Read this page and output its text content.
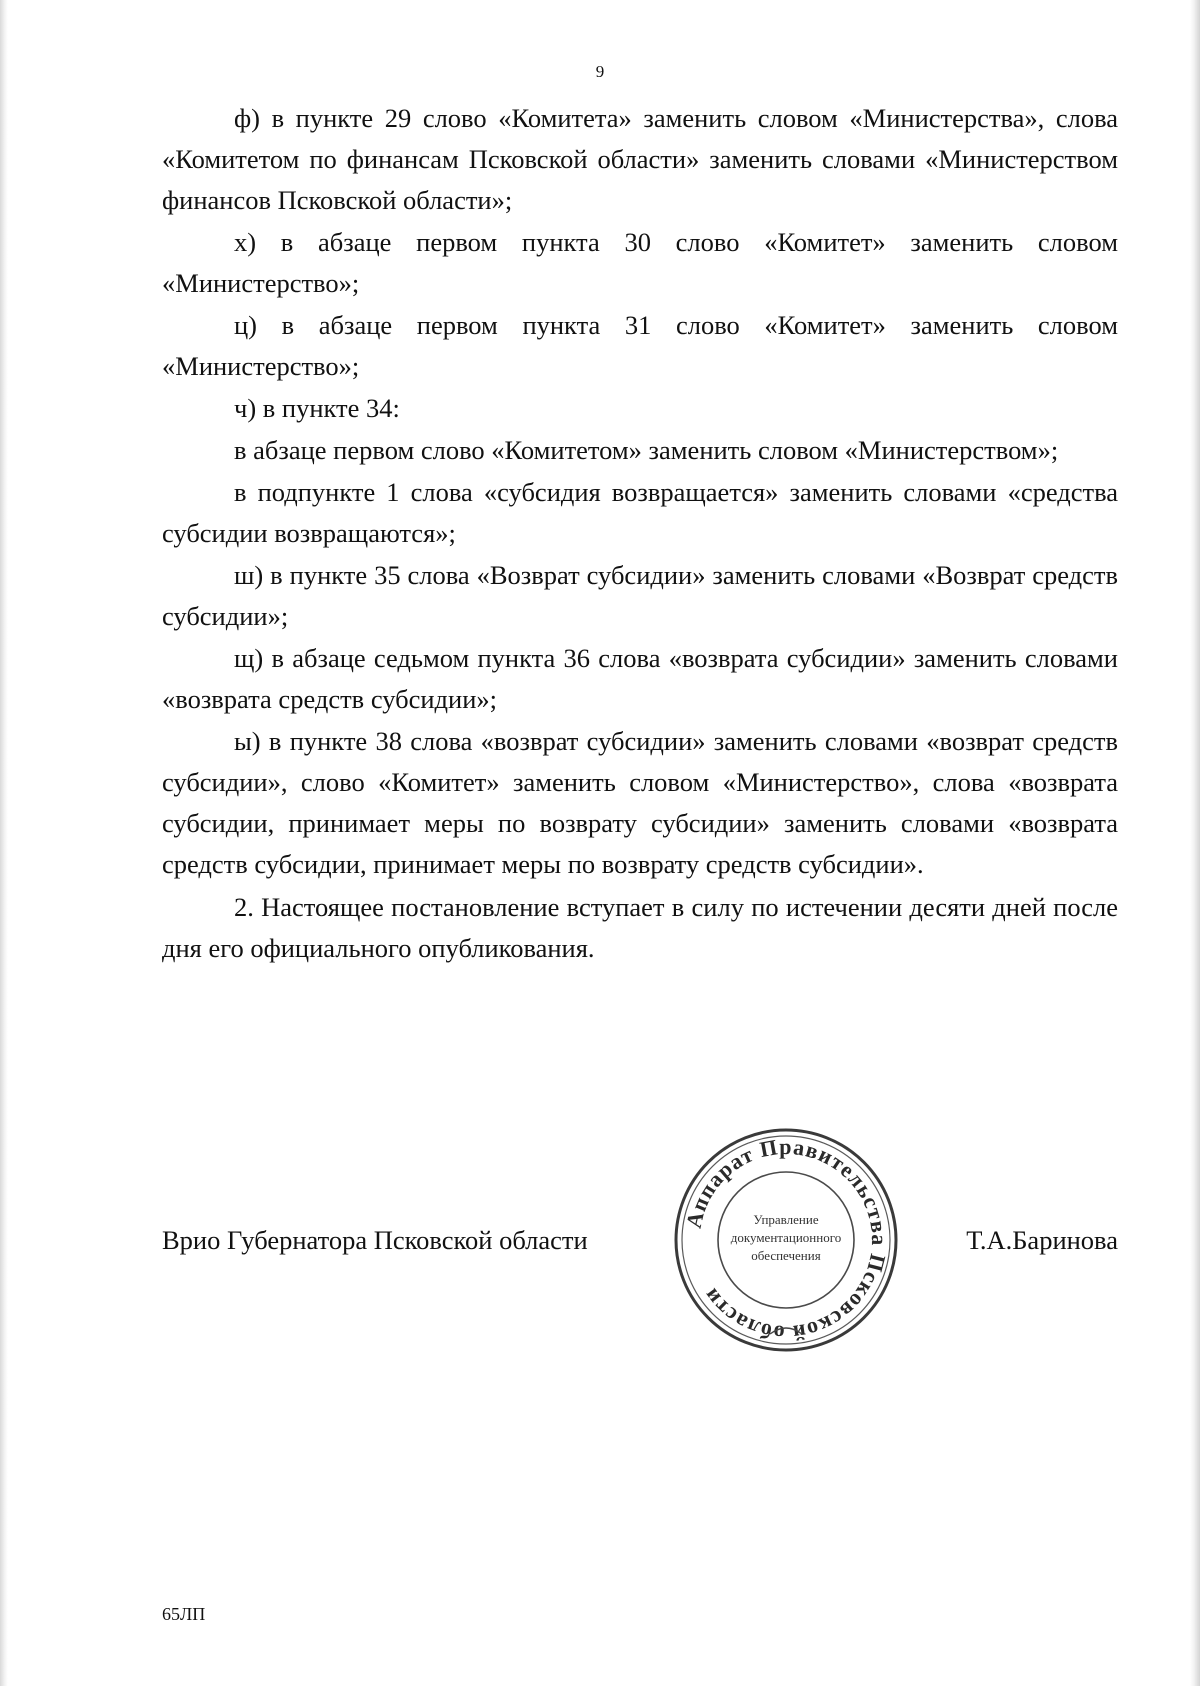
9

ф) в пункте 29 слово «Комитета» заменить словом «Министерства», слова «Комитетом по финансам Псковской области» заменить словами «Министерством финансов Псковской области»;

х) в абзаце первом пункта 30 слово «Комитет» заменить словом «Министерство»;

ц) в абзаце первом пункта 31 слово «Комитет» заменить словом «Министерство»;

ч) в пункте 34:

в абзаце первом слово «Комитетом» заменить словом «Министерством»;

в подпункте 1 слова «субсидия возвращается» заменить словами «средства субсидии возвращаются»;

ш) в пункте 35 слова «Возврат субсидии» заменить словами «Возврат средств субсидии»;

щ) в абзаце седьмом пункта 36 слова «возврата субсидии» заменить словами «возврата средств субсидии»;

ы) в пункте 38 слова «возврат субсидии» заменить словами «возврат средств субсидии», слово «Комитет» заменить словом «Министерство», слова «возврата субсидии, принимает меры по возврату субсидии» заменить словами «возврата средств субсидии, принимает меры по возврату средств субсидии».

2. Настоящее постановление вступает в силу по истечении десяти дней после дня его официального опубликования.

Врио Губернатора Псковской области	Т.А.Баринова
Аппарат Правительства Псковской области
Управление
документационного
обеспечения
65ЛП
